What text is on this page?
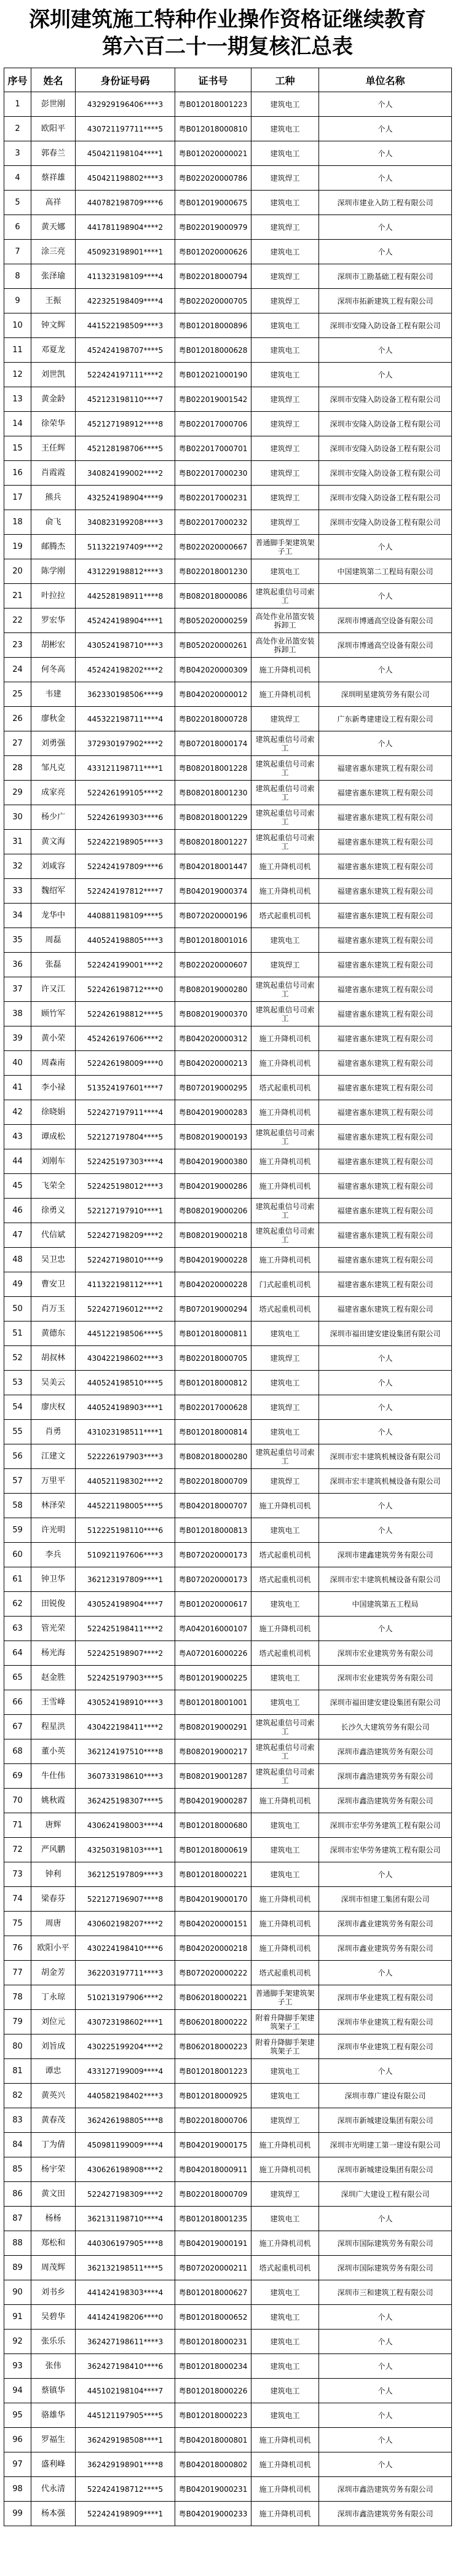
深圳建筑施工特种作业操作资格证继续教育
第六百二十一期复核汇总表
序号	姓名	身份证号码	证书号	工种	单位名称
1	彭世刚	432929196406****3	粤B012018001223	建筑电工	个人
2	欧阳平	430721197711****5	粤B012018000810	建筑电工	个人
3	郭春兰	450421198104****1	粤B012020000021	建筑电工	个人
4	蔡祥雄	450421198802****3	粤B022020000786	建筑焊工	个人
5	高祥	440782198709****6	粤B012019000675	建筑电工	深圳市建业入防工程有限公司
6	黄天娜	441781198904****2	粤B022019000979	建筑焊工	个人
7	涂三亮	450923198901****1	粤B012020000626	建筑电工	个人
8	张泽瑜	411323198109****4	粤B022018000794	建筑焊工	深圳市工勘基础工程有限公司
9	王振	422325198409****4	粤B022020000705	建筑焊工	深圳市拓新建筑工程有限公司
10	钟文辉	441522198509****3	粤B012018000896	建筑电工	深圳市安隆入防设备工程有限公司
11	邓夏龙	452424198707****5	粤B012018000628	建筑电工	个人
12	刘世凯	522424197111****2	粤B012021000190	建筑电工	个人
13	黄金龄	452123198110****7	粤B022019001542	建筑焊工	深圳市安隆入防设备工程有限公司
14	徐荣华	452127198912****8	粤B022017000706	建筑焊工	深圳市安隆入防设备工程有限公司
15	王任辉	452128198706****5	粤B022017000701	建筑焊工	深圳市安隆入防设备工程有限公司
16	肖霞霞	340824199002****2	粤B022017000230	建筑焊工	深圳市安隆入防设备工程有限公司
17	熊兵	432524198904****9	粤B022017000231	建筑焊工	深圳市安隆入防设备工程有限公司
18	俞飞	340823199208****3	粤B022017000232	建筑焊工	深圳市安隆入防设备工程有限公司
19	邮腾杰	511322197409****2	粤B022020000667	普通脚手架建筑架子工	个人
20	陈学刚	431229198812****3	粤B022018001230	建筑电工	中国建筑第二工程局有限公司
21	叶拉拉	442528198911****8	粤B082018000086	建筑起重信号司索工	个人
22	罗宏华	452424198904****1	粤B052020000259	高处作业吊篮安装拆卸工	深圳市博通高空设备有限公司
23	胡彬宏	430524198710****3	粤B052020000261	高处作业吊篮安装拆卸工	深圳市博通高空设备有限公司
24	何冬高	452424198202****2	粤B042020000309	施工升降机司机	个人
25	韦建	362330198506****9	粤B042020000012	施工升降机司机	深圳明星建筑劳务有限公司
26	廖秋金	445322198711****4	粤B022018000728	建筑焊工	广东新粤建建设工程有限公司
27	刘勇强	372930197902****2	粤B072018000174	建筑起重信号司索工	个人
28	邹凡克	433121198711****1	粤B082018001228	建筑起重信号司索工	福建省惠东建筑工程有限公司
29	成家亮	522426199105****2	粤B082018001230	建筑起重信号司索工	福建省惠东建筑工程有限公司
30	杨少广	522426199303****6	粤B082018001229	建筑起重信号司索工	福建省惠东建筑工程有限公司
31	黄文海	522422198905****3	粤B082018001227	建筑起重信号司索工	福建省惠东建筑工程有限公司
32	刘咸容	522424197809****6	粤B042018001447	施工升降机司机	福建省惠东建筑工程有限公司
33	魏绍军	522424197812****7	粤B042019000374	施工升降机司机	福建省惠东建筑工程有限公司
34	龙华中	440881198109****5	粤B072020000196	塔式起重机司机	福建省惠东建筑工程有限公司
35	周磊	440524198805****3	粤B012018001016	建筑电工	福建省惠东建筑工程有限公司
36	张磊	522424199001****2	粤B022020000607	建筑焊工	福建省惠东建筑工程有限公司
37	许又江	522426198712****0	粤B082019000280	建筑起重信号司索工	福建省惠东建筑工程有限公司
38	顾竹军	522426198812****5	粤B082019000370	建筑起重信号司索工	福建省惠东建筑工程有限公司
39	黄小荣	452426197606****2	粤B042020000312	施工升降机司机	福建省惠东建筑工程有限公司
40	周森南	522426198009****0	粤B042020000213	施工升降机司机	福建省惠东建筑工程有限公司
41	李小禄	513524197601****7	粤B072019000295	塔式起重机司机	福建省惠东建筑工程有限公司
42	徐晓娟	522427197911****4	粤B042019000283	施工升降机司机	福建省惠东建筑工程有限公司
43	谭成松	522127197804****5	粤B082019000193	建筑起重信号司索工	福建省惠东建筑工程有限公司
44	刘刚车	522425197303****4	粤B042019000380	施工升降机司机	福建省惠东建筑工程有限公司
45	飞荣全	522425198012****3	粤B042019000286	施工升降机司机	福建省惠东建筑工程有限公司
46	徐勇义	522127197910****1	粤B082019000206	建筑起重信号司索工	福建省惠东建筑工程有限公司
47	代信斌	522427198209****2	粤B082019000218	建筑起重信号司索工	福建省惠东建筑工程有限公司
48	吴卫忠	522427198010****9	粤B042019000228	施工升降机司机	福建省惠东建筑工程有限公司
49	曹安卫	411322198112****1	粤B042020000228	门式起重机司机	福建省惠东建筑工程有限公司
50	肖万玉	522427196012****2	粤B072019000294	塔式起重机司机	福建省惠东建筑工程有限公司
51	黄德东	445122198506****5	粤B012018000811	建筑电工	深圳市福田建安建设集团有限公司
52	胡叔林	430422198602****3	粤B022018000705	建筑焊工	个人
53	吴美云	440524198510****5	粤B012018000812	建筑电工	个人
54	廖庆权	440524198903****1	粤B022017000628	建筑焊工	个人
55	肖勇	431023198511****1	粤B012018000814	建筑电工	个人
56	江建文	522226197903****3	粤B082018000280	建筑起重信号司索工	深圳市宏丰建筑机械设备有限公司
57	万里平	440521198302****2	粤B022018000709	建筑焊工	深圳市宏丰建筑机械设备有限公司
58	林泽荣	445221198005****5	粤B042018000707	施工升降机司机	个人
59	许光明	512225198110****6	粤B012018000813	建筑电工	个人
60	李兵	510921197606****3	粤B072020000173	塔式起重机司机	深圳市建鑫建筑劳务有限公司
61	钟卫华	362123197809****1	粤B072020000173	塔式起重机司机	深圳市宏丰建筑机械设备有限公司
62	田锐俊	430524198904****7	粤B012020000617	建筑电工	中国建筑第五工程局
63	管光荣	522425198411****2	粤A042016000107	施工升降机司机	个人
64	杨光海	522425198907****2	粤A072016000226	塔式起重机司机	深圳市宏业建筑劳务有限公司
65	赵金胜	522425197903****5	粤B012019000225	建筑电工	深圳市宏业建筑劳务有限公司
66	王雪峰	430524198910****3	粤B012018001001	建筑电工	深圳市福田建安建设集团有限公司
67	程星洪	430422198411****2	粤B082019000291	建筑起重信号司索工	长沙久大建筑劳务有限公司
68	董小英	362124197510****8	粤B082019000217	建筑起重信号司索工	深圳市鑫浩建筑劳务有限公司
69	牛仕伟	360733198610****3	粤B082019001287	建筑起重信号司索工	深圳市鑫浩建筑劳务有限公司
70	姚秋霞	362425198307****5	粤B042019000287	施工升降机司机	深圳市鑫浩建筑劳务有限公司
71	唐辉	430624198003****4	粤B012018000680	建筑电工	深圳市宏华劳务建筑工程有限公司
72	严风鹏	432503198103****1	粤B012018000619	建筑电工	深圳市宏华劳务建筑工程有限公司
73	钟利	362125197809****3	粤B012018000221	建筑电工	个人
74	梁春芬	522127196907****8	粤B042019000170	施工升降机司机	深圳市恒建工集团有限公司
75	周唐	430602198207****2	粤B042020000151	施工升降机司机	深圳市鑫业建筑劳务有限公司
76	欧阳小平	430224198410****6	粤B042020000218	施工升降机司机	深圳市鑫业建筑劳务有限公司
77	胡金芳	362203197711****3	粤B072020000222	塔式起重机司机	个人
78	丁永琼	510213197906****2	粤B062018000221	普通脚手架建筑架子工	深圳市华业建筑工程有限公司
79	刘位元	430723198602****1	粤B062018000222	附着升降脚手架建筑架子工	深圳市华业建筑工程有限公司
80	刘旨成	430225199204****2	粤B062018000223	附着升降脚手架建筑架子工	深圳市华业建筑工程有限公司
81	谭忠	433127199009****4	粤B012018001223	建筑电工	个人
82	黄英兴	440582198402****3	粤B012018000925	建筑电工	深圳市尊广建设有限公司
83	黄春茂	362426198805****8	粤B022018000706	建筑焊工	深圳市新城建设集团有限公司
84	丁为倩	450981199009****4	粤B042019000175	施工升降机司机	深圳市光明建工第一建设有限公司
85	杨宇荣	430626198908****2	粤B042018000911	施工升降机司机	深圳市新城建设集团有限公司
86	黄文田	522427198309****2	粤B022018000709	建筑焊工	深圳广大建设工程有限公司
87	杨杨	362131198710****4	粤B012018001235	建筑电工	个人
88	郑松和	440306197905****8	粤B042019000191	施工升降机司机	深圳市国际建筑劳务有限公司
89	周茂辉	362132198511****5	粤B072020000211	塔式起重机司机	深圳市国际建筑劳务有限公司
90	刘书乡	441424198303****4	粤B012018000627	建筑电工	深圳市三和建筑工程有限公司
91	吴碧华	441424198206****0	粤B012018000652	建筑电工	个人
92	张乐乐	362427198611****3	粤B012018000231	建筑电工	个人
93	张伟	362427198410****6	粤B012018000234	建筑电工	个人
94	蔡镇华	445102198104****7	粤B012018000226	建筑电工	个人
95	骆雄华	445121197905****5	粤B012018000223	建筑电工	个人
96	罗福生	362429198508****1	粤B042018000801	施工升降机司机	个人
97	盛利峰	362429198901****8	粤B042018000802	施工升降机司机	个人
98	代永清	522424198712****5	粤B042019000231	施工升降机司机	深圳市鑫浩建筑劳务有限公司
99	杨本强	522424198909****1	粤B042019000233	施工升降机司机	深圳市鑫浩建筑劳务有限公司
